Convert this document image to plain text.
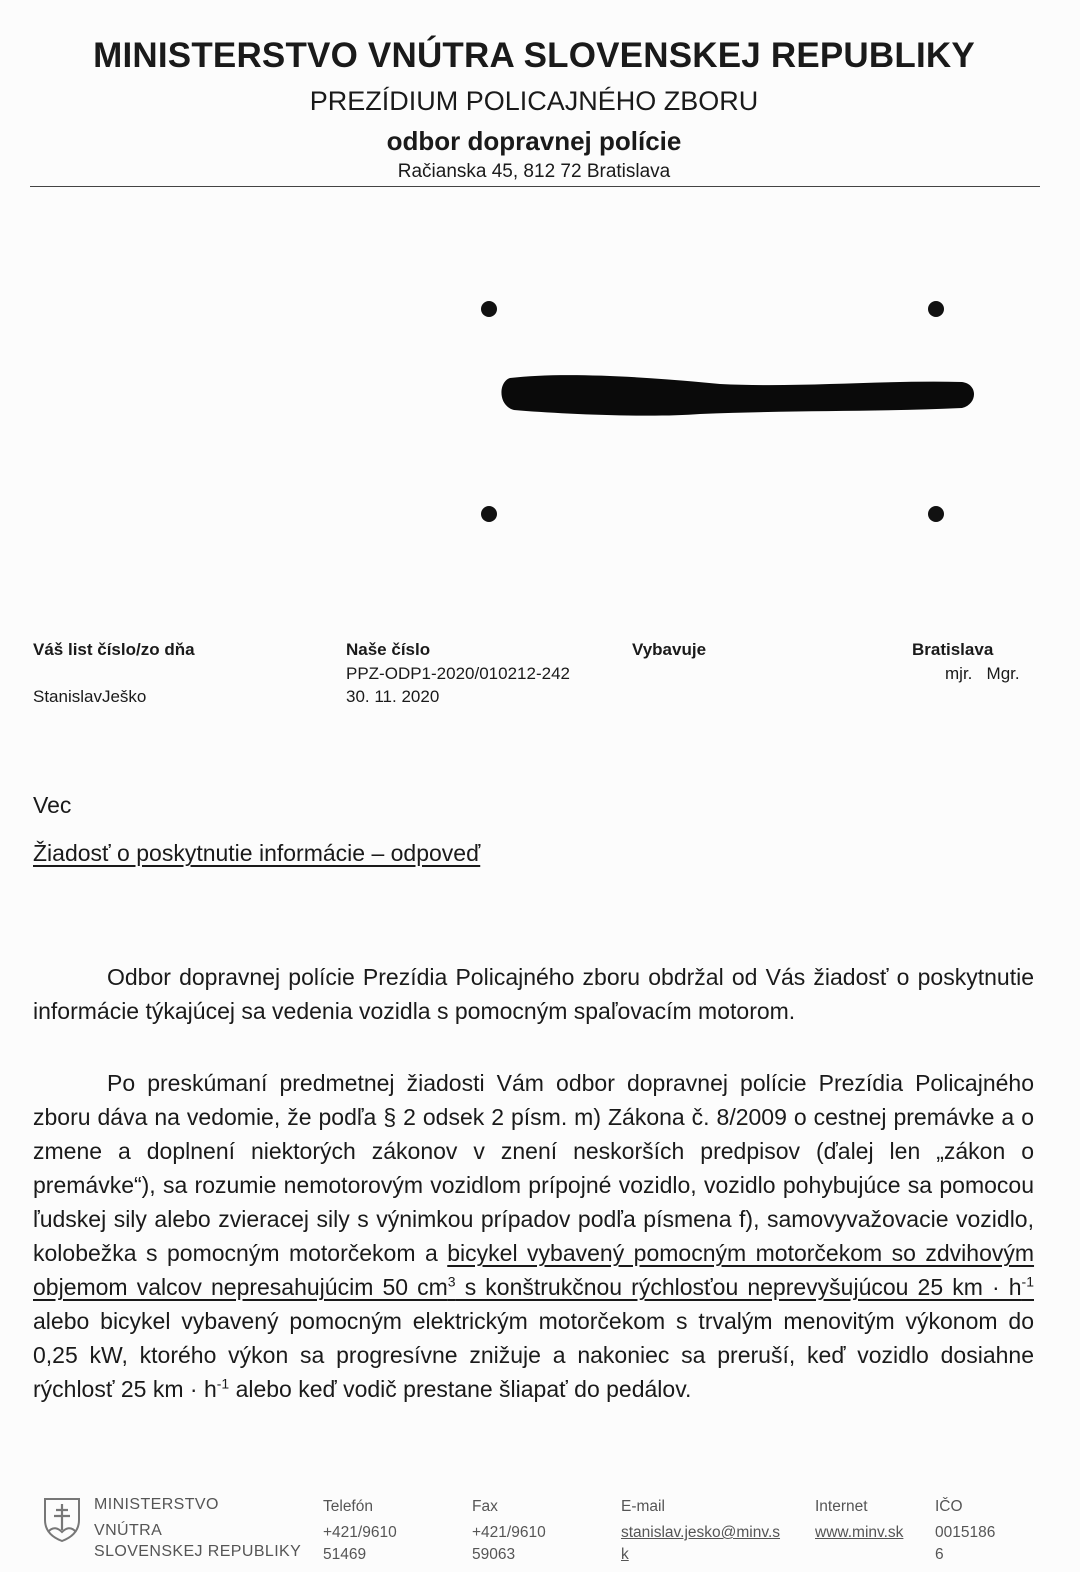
MINISTERSTVO VNÚTRA SLOVENSKEJ REPUBLIKY
PREZÍDIUM POLICAJNÉHO ZBORU
odbor dopravnej polície
Račianska 45, 812 72 Bratislava
Váš list číslo/zo dňa
StanislavJeško
Naše číslo
PPZ-ODP1-2020/010212-242
30. 11. 2020
Vybavuje	Bratislava
mjr.   Mgr.
Vec
Žiadosť o poskytnutie informácie – odpoveď
Odbor dopravnej polície Prezídia Policajného zboru obdržal od Vás žiadosť o poskytnutie informácie týkajúcej sa vedenia vozidla s pomocným spaľovacím motorom.
Po preskúmaní predmetnej žiadosti Vám odbor dopravnej polície Prezídia Policajného zboru dáva na vedomie, že podľa § 2 odsek 2 písm. m) Zákona č. 8/2009 o cestnej premávke a o zmene a doplnení niektorých zákonov v znení neskorších predpisov (ďalej len „zákon o premávke“), sa rozumie nemotorovým vozidlom prípojné vozidlo, vozidlo pohybujúce sa pomocou ľudskej sily alebo zvieracej sily s výnimkou prípadov podľa písmena f), samovyvažovacie vozidlo, kolobežka s pomocným motorčekom a bicykel vybavený pomocným motorčekom so zdvihovým objemom valcov nepresahujúcim 50 $cm^3$ s konštrukčnou rýchlosťou neprevyšujúcou 25 km · $h^{-1}$ alebo bicykel vybavený pomocným elektrickým motorčekom s trvalým menovitým výkonom do 0,25 kW, ktorého výkon sa progresívne znižuje a nakoniec sa preruší, keď vozidlo dosiahne rýchlosť 25 km · $h^{-1}$ alebo keď vodič prestane šliapať do pedálov.
MINISTERSTVO
VNÚTRA
SLOVENSKEJ REPUBLIKY
Telefón
+421/9610
51469
Fax
+421/9610
59063
E-mail
stanislav.jesko@minv.s
k
Internet
www.minv.sk
IČO
0015186
6
